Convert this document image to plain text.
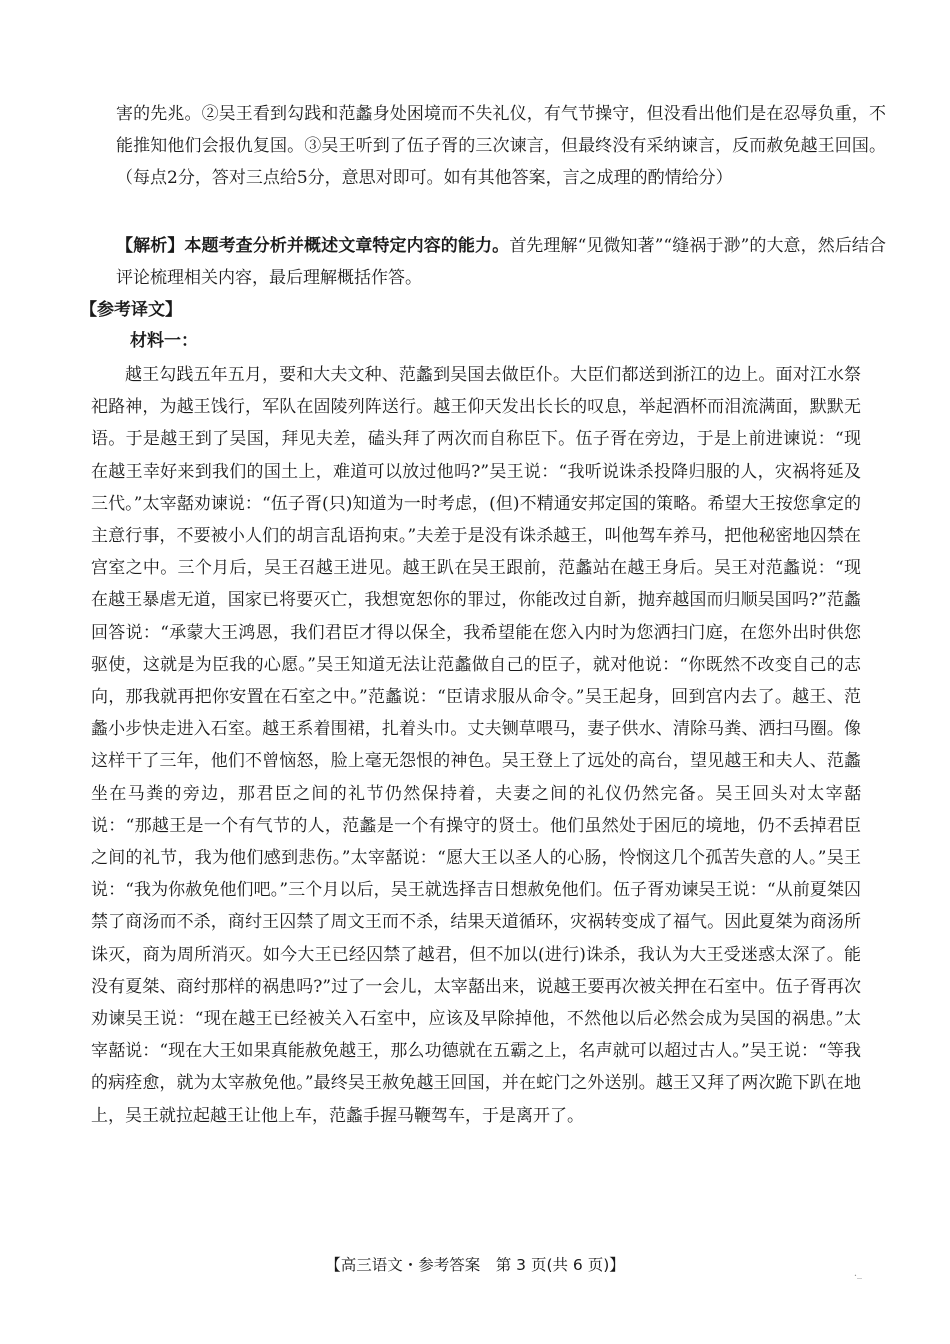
害的先兆。②吴王看到勾践和范蠡身处困境而不失礼仪，有气节操守，但没看出他们是在忍辱负重，不能推知他们会报仇复国。③吴王听到了伍子胥的三次谏言，但最终没有采纳谏言，反而赦免越王回国。（每点2分，答对三点给5分，意思对即可。如有其他答案，言之成理的酌情给分）
【解析】本题考查分析并概述文章特定内容的能力。首先理解“见微知著”“缝祸于渺”的大意，然后结合评论梳理相关内容，最后理解概括作答。
【参考译文】
材料一：
越王勾践五年五月，要和大夫文种、范蠡到吴国去做臣仆。大臣们都送到浙江的边上。面对江水祭祀路神，为越王饯行，军队在固陵列阵送行。越王仰天发出长长的叹息，举起酒杯而泪流满面，默默无语。于是越王到了吴国，拜见夫差，磕头拜了两次而自称臣下。伍子胥在旁边，于是上前进谏说：“现在越王幸好来到我们的国土上，难道可以放过他吗?”吴王说：“我听说诛杀投降归服的人，灾祸将延及三代。”太宰嚭劝谏说：“伍子胥(只)知道为一时考虑，(但)不精通安邦定国的策略。希望大王按您拿定的主意行事，不要被小人们的胡言乱语拘束。”夫差于是没有诛杀越王，叫他驾车养马，把他秘密地囚禁在宫室之中。三个月后，吴王召越王进见。越王趴在吴王跟前，范蠡站在越王身后。吴王对范蠡说：“现在越王暴虐无道，国家已将要灭亡，我想宽恕你的罪过，你能改过自新，抛弃越国而归顺吴国吗?”范蠡回答说：“承蒙大王鸿恩，我们君臣才得以保全，我希望能在您入内时为您洒扫门庭，在您外出时供您驱使，这就是为臣我的心愿。”吴王知道无法让范蠡做自己的臣子，就对他说：“你既然不改变自己的志向，那我就再把你安置在石室之中。”范蠡说：“臣请求服从命令。”吴王起身，回到宫内去了。越王、范蠡小步快走进入石室。越王系着围裙，扎着头巾。丈夫铡草喂马，妻子供水、清除马粪、洒扫马圈。像这样干了三年，他们不曾恼怒，脸上毫无怨恨的神色。吴王登上了远处的高台，望见越王和夫人、范蠡坐在马粪的旁边，那君臣之间的礼节仍然保持着，夫妻之间的礼仪仍然完备。吴王回头对太宰嚭说：“那越王是一个有气节的人，范蠡是一个有操守的贤士。他们虽然处于困厄的境地，仍不丢掉君臣之间的礼节，我为他们感到悲伤。”太宰嚭说：“愿大王以圣人的心肠，怜悯这几个孤苦失意的人。”吴王说：“我为你赦免他们吧。”三个月以后，吴王就选择吉日想赦免他们。伍子胥劝谏吴王说：“从前夏桀囚禁了商汤而不杀，商纣王囚禁了周文王而不杀，结果天道循环，灾祸转变成了福气。因此夏桀为商汤所诛灭，商为周所消灭。如今大王已经囚禁了越君，但不加以(进行)诛杀，我认为大王受迷惑太深了。能没有夏桀、商纣那样的祸患吗?”过了一会儿，太宰嚭出来，说越王要再次被关押在石室中。伍子胥再次劝谏吴王说：“现在越王已经被关入石室中，应该及早除掉他，不然他以后必然会成为吴国的祸患。”太宰嚭说：“现在大王如果真能赦免越王，那么功德就在五霸之上，名声就可以超过古人。”吴王说：“等我的病痊愈，就为太宰赦免他。”最终吴王赦免越王回国，并在蛇门之外送别。越王又拜了两次跪下趴在地上，吴王就拉起越王让他上车，范蠡手握马鞭驾车，于是离开了。
【高三语文・参考答案　第 3 页(共 6 页)】	._
